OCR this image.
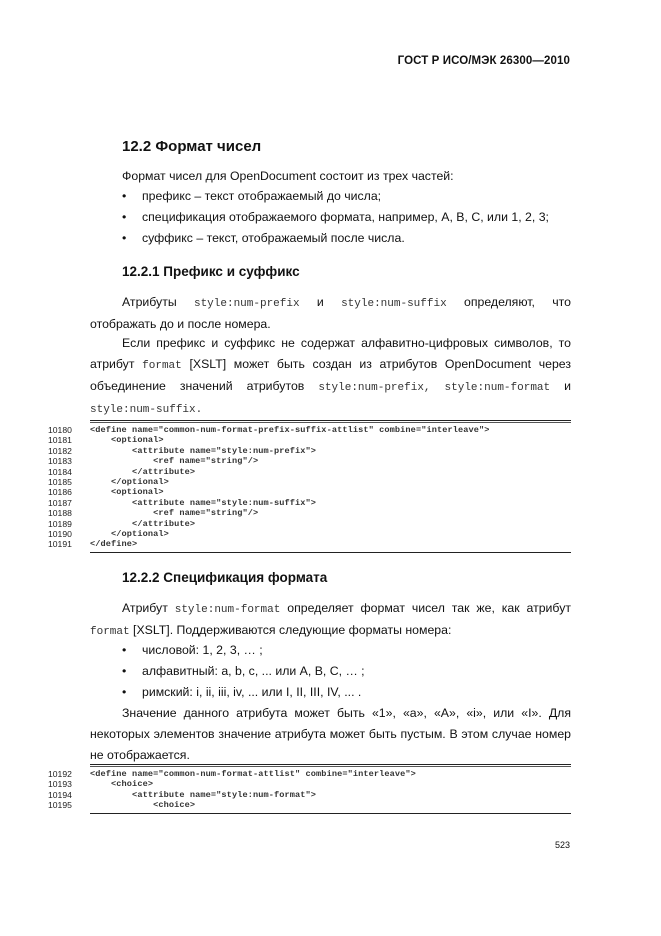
ГОСТ Р ИСО/МЭК 26300—2010
12.2 Формат чисел
Формат чисел для OpenDocument состоит из трех частей:
• префикс – текст отображаемый до числа;
• спецификация отображаемого формата, например, А, В, С, или 1, 2, 3;
• суффикс – текст, отображаемый после числа.
12.2.1 Префикс и суффикс
Атрибуты style:num-prefix и style:num-suffix определяют, что
отображать до и после номера.
Если префикс и суффикс не содержат алфавитно-цифровых символов, то
атрибут format [XSLT] может быть создан из атрибутов OpenDocument через
объединение значений атрибутов style:num-prefix, style:num-format и
style:num-suffix.
10180	<define name="common-num-format-prefix-suffix-attlist" combine="interleave">
10181	<optional>
10182	<attribute name="style:num-prefix">
10183	<ref name="string"/>
10184	</attribute>
10185	</optional>
10186	<optional>
10187	<attribute name="style:num-suffix">
10188	<ref name="string"/>
10189	</attribute>
10190	</optional>
10191	</define>
12.2.2 Спецификация формата
Атрибут style:num-format определяет формат чисел так же, как атрибут
format [XSLT]. Поддерживаются следующие форматы номера:
• числовой: 1, 2, 3, … ;
• алфавитный: a, b, c, ... или A, B, C, … ;
• римский: i, ii, iii, iv, ... или I, II, III, IV, ... .
Значение данного атрибута может быть «1», «a», «A», «i», или «I». Для
некоторых элементов значение атрибута может быть пустым. В этом случае номер
не отображается.
10192	<define name="common-num-format-attlist" combine="interleave">
10193	<choice>
10194	<attribute name="style:num-format">
10195	<choice>
523
